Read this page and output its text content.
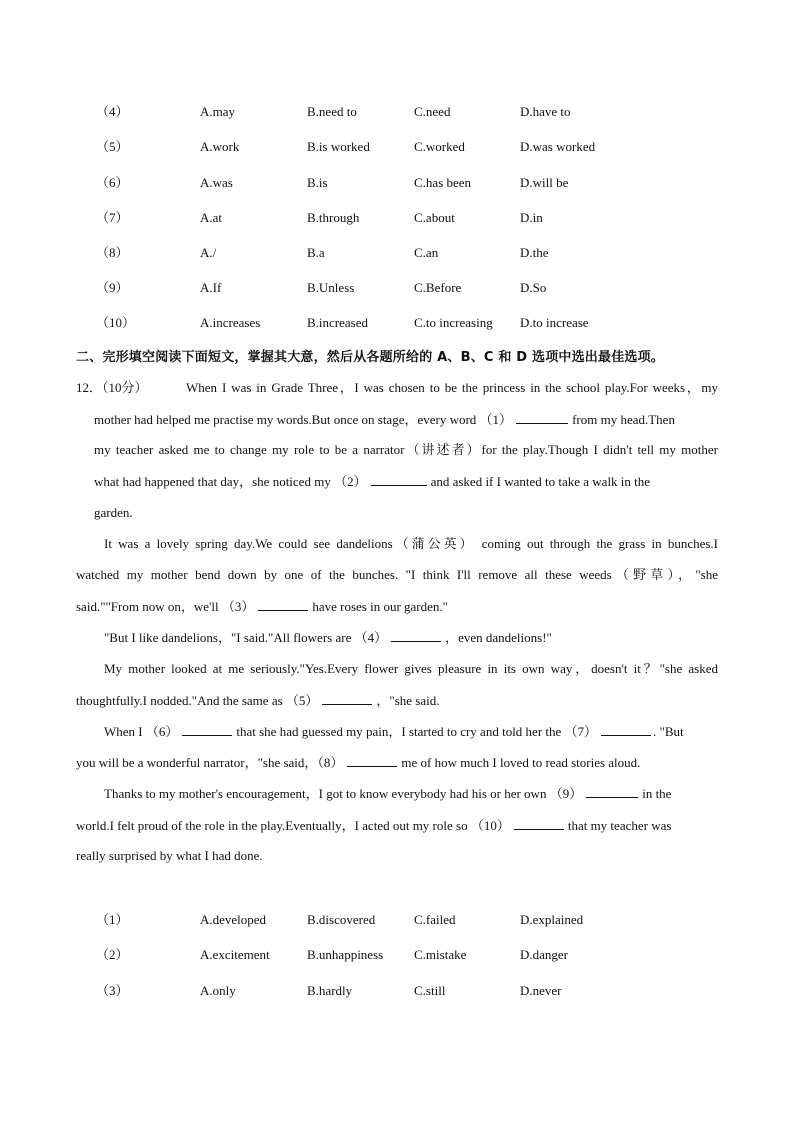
（4）	A.may	B.need to	C.need	D.have to
（5）	A.work	B.is worked	C.worked	D.was worked
（6）	A.was	B.is	C.has been	D.will be
（7）	A.at	B.through	C.about	D.in
（8）	A./	B.a	C.an	D.the
（9）	A.If	B.Unless	C.Before	D.So
（10）	A.increases	B.increased	C.to increasing D.to increase
二、完形填空阅读下面短文，掌握其大意，然后从各题所给的 A、B、C 和 D 选项中选出最佳选项。
12．（10分）	When I was in Grade Three，I was chosen to be the princess in the school play.For weeks，my
mother had helped me practise my words.But once on stage，every word （1）	from my head.Then
my teacher asked me to change my role to be a narrator（讲述者）for the play.Though I didn't tell my mother
what had happened that day，she noticed my （2）	and asked if I wanted to take a walk in the
garden.
It was a lovely spring day.We could see dandelions（蒲公英） coming out through the grass in bunches.I
watched my mother bend down by one of the bunches. "I think I'll remove all these weeds（野草），"she
said.""From now on，we'll （3）	have roses in our garden."
"But I like dandelions，"I said."All flowers are （4）	，even dandelions!"
My mother looked at me seriously."Yes.Every flower gives pleasure in its own way，doesn't it？"she asked
thoughtfully.I nodded."And the same as （5）	，"she said.
When I （6）	that she had guessed my pain，I started to cry and told her the （7）	. "But
you will be a wonderful narrator，"she said，（8）	me of how much I loved to read stories aloud.
Thanks to my mother's encouragement，I got to know everybody had his or her own （9）	in the
world.I felt proud of the role in the play.Eventually，I acted out my role so （10）	that my teacher was
really surprised by what I had done.
（1）	A.developed	B.discovered	C.failed	D.explained
（2）	A.excitement	B.unhappiness C.mistake	D.danger
（3）	A.only	B.hardly	C.still	D.never
